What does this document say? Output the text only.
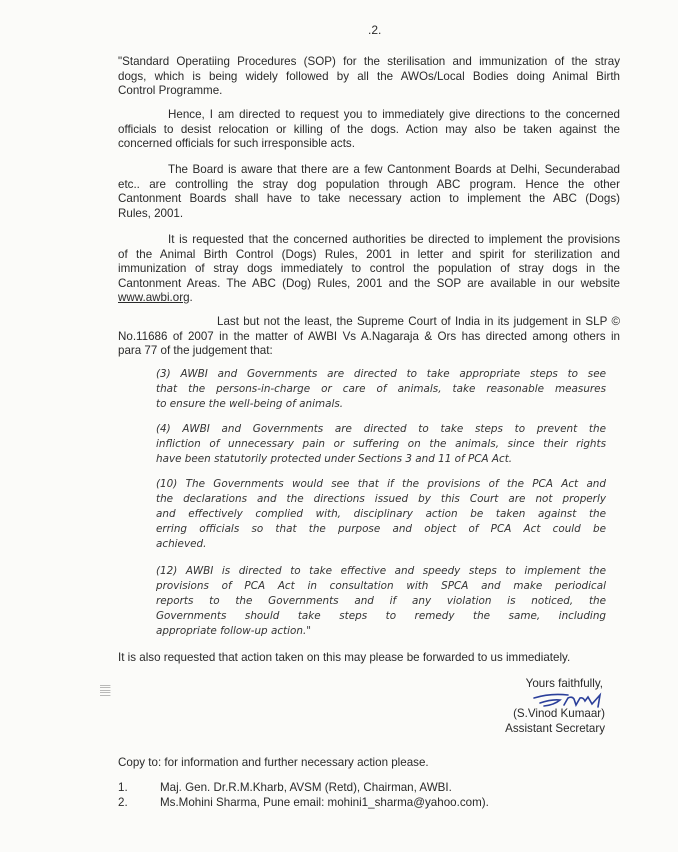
.2.
"Standard Operatiing Procedures (SOP) for the sterilisation and immunization of the stray
dogs, which is being widely followed by all the AWOs/Local Bodies doing Animal Birth
Control Programme.
Hence, I am directed to request you to immediately give directions to the concerned
officials to desist relocation or killing of the dogs. Action may also be taken against the
concerned officials for such irresponsible acts.
The Board is aware that there are a few Cantonment Boards at Delhi, Secunderabad
etc.. are controlling the stray dog population through ABC program. Hence the other
Cantonment Boards shall have to take necessary action to implement the ABC (Dogs)
Rules, 2001.
It is requested that the concerned authorities be directed to implement the provisions
of the Animal Birth Control (Dogs) Rules, 2001 in letter and spirit for sterilization and
immunization of stray dogs immediately to control the population of stray dogs in the
Cantonment Areas. The ABC (Dog) Rules, 2001 and the SOP are available in our website
www.awbi.org.
Last but not the least, the Supreme Court of India in its judgement in SLP ©
No.11686 of 2007 in the matter of AWBI Vs A.Nagaraja & Ors has directed among others in
para 77 of the judgement that:
(3) AWBI and Governments are directed to take appropriate steps to see
that the persons-in-charge or care of animals, take reasonable measures
to ensure the well-being of animals.
(4) AWBI and Governments are directed to take steps to prevent the
infliction of unnecessary pain or suffering on the animals, since their rights
have been statutorily protected under Sections 3 and 11 of PCA Act.
(10) The Governments would see that if the provisions of the PCA Act and
the declarations and the directions issued by this Court are not properly
and effectively complied with, disciplinary action be taken against the
erring officials so that the purpose and object of PCA Act could be
achieved.
(12) AWBI is directed to take effective and speedy steps to implement the
provisions of PCA Act in consultation with SPCA and make periodical
reports to the Governments and if any violation is noticed, the
Governments should take steps to remedy the same, including
appropriate follow-up action."
It is also requested that action taken on this may please be forwarded to us immediately.
Yours faithfully,
(S.Vinod Kumaar)
Assistant Secretary
𝄚
Copy to: for information and further necessary action please.
1.	Maj. Gen. Dr.R.M.Kharb, AVSM (Retd), Chairman, AWBI.
2.	Ms.Mohini Sharma, Pune email: mohini1_sharma@yahoo.com).
